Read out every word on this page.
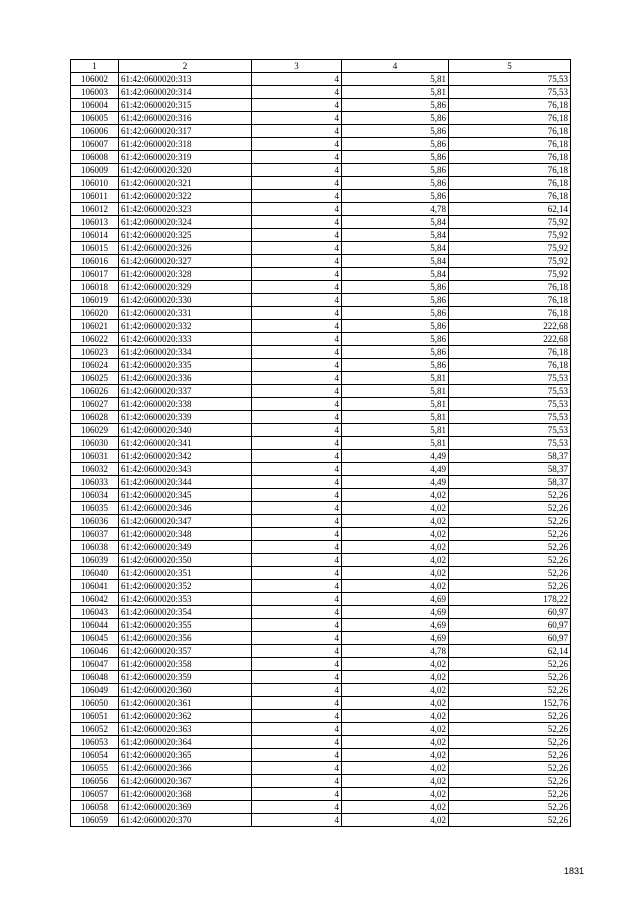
1	2	3	4	5
106002	61:42:0600020:313	4	5,81	75,53
106003	61:42:0600020:314	4	5,81	75,53
106004	61:42:0600020:315	4	5,86	76,18
106005	61:42:0600020:316	4	5,86	76,18
106006	61:42:0600020:317	4	5,86	76,18
106007	61:42:0600020:318	4	5,86	76,18
106008	61:42:0600020:319	4	5,86	76,18
106009	61:42:0600020:320	4	5,86	76,18
106010	61:42:0600020:321	4	5,86	76,18
106011	61:42:0600020:322	4	5,86	76,18
106012	61:42:0600020:323	4	4,78	62,14
106013	61:42:0600020:324	4	5,84	75,92
106014	61:42:0600020:325	4	5,84	75,92
106015	61:42:0600020:326	4	5,84	75,92
106016	61:42:0600020:327	4	5,84	75,92
106017	61:42:0600020:328	4	5,84	75,92
106018	61:42:0600020:329	4	5,86	76,18
106019	61:42:0600020:330	4	5,86	76,18
106020	61:42:0600020:331	4	5,86	76,18
106021	61:42:0600020:332	4	5,86	222,68
106022	61:42:0600020:333	4	5,86	222,68
106023	61:42:0600020:334	4	5,86	76,18
106024	61:42:0600020:335	4	5,86	76,18
106025	61:42:0600020:336	4	5,81	75,53
106026	61:42:0600020:337	4	5,81	75,53
106027	61:42:0600020:338	4	5,81	75,53
106028	61:42:0600020:339	4	5,81	75,53
106029	61:42:0600020:340	4	5,81	75,53
106030	61:42:0600020:341	4	5,81	75,53
106031	61:42:0600020:342	4	4,49	58,37
106032	61:42:0600020:343	4	4,49	58,37
106033	61:42:0600020:344	4	4,49	58,37
106034	61:42:0600020:345	4	4,02	52,26
106035	61:42:0600020:346	4	4,02	52,26
106036	61:42:0600020:347	4	4,02	52,26
106037	61:42:0600020:348	4	4,02	52,26
106038	61:42:0600020:349	4	4,02	52,26
106039	61:42:0600020:350	4	4,02	52,26
106040	61:42:0600020:351	4	4,02	52,26
106041	61:42:0600020:352	4	4,02	52,26
106042	61:42:0600020:353	4	4,69	178,22
106043	61:42:0600020:354	4	4,69	60,97
106044	61:42:0600020:355	4	4,69	60,97
106045	61:42:0600020:356	4	4,69	60,97
106046	61:42:0600020:357	4	4,78	62,14
106047	61:42:0600020:358	4	4,02	52,26
106048	61:42:0600020:359	4	4,02	52,26
106049	61:42:0600020:360	4	4,02	52,26
106050	61:42:0600020:361	4	4,02	152,76
106051	61:42:0600020:362	4	4,02	52,26
106052	61:42:0600020:363	4	4,02	52,26
106053	61:42:0600020:364	4	4,02	52,26
106054	61:42:0600020:365	4	4,02	52,26
106055	61:42:0600020:366	4	4,02	52,26
106056	61:42:0600020:367	4	4,02	52,26
106057	61:42:0600020:368	4	4,02	52,26
106058	61:42:0600020:369	4	4,02	52,26
106059	61:42:0600020:370	4	4,02	52,26
1831
